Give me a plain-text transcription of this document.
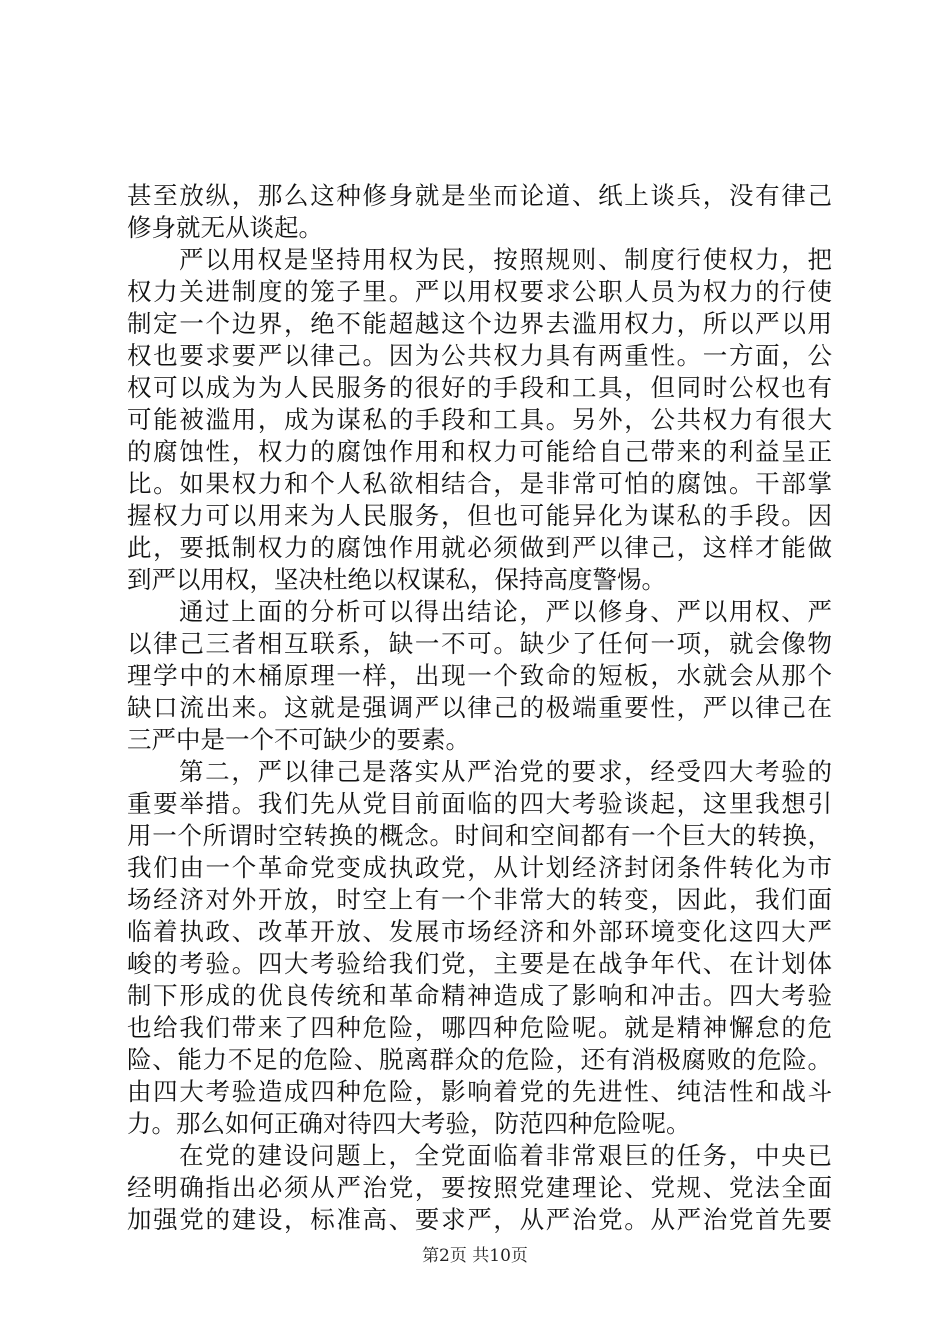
甚至放纵，那么这种修身就是坐而论道、纸上谈兵，没有律己
修身就无从谈起。
严以用权是坚持用权为民，按照规则、制度行使权力，把
权力关进制度的笼子里。严以用权要求公职人员为权力的行使
制定一个边界，绝不能超越这个边界去滥用权力，所以严以用
权也要求要严以律己。因为公共权力具有两重性。一方面，公
权可以成为为人民服务的很好的手段和工具，但同时公权也有
可能被滥用，成为谋私的手段和工具。另外，公共权力有很大
的腐蚀性，权力的腐蚀作用和权力可能给自己带来的利益呈正
比。如果权力和个人私欲相结合，是非常可怕的腐蚀。干部掌
握权力可以用来为人民服务，但也可能异化为谋私的手段。因
此，要抵制权力的腐蚀作用就必须做到严以律己，这样才能做
到严以用权，坚决杜绝以权谋私，保持高度警惕。
通过上面的分析可以得出结论，严以修身、严以用权、严
以律己三者相互联系，缺一不可。缺少了任何一项，就会像物
理学中的木桶原理一样，出现一个致命的短板，水就会从那个
缺口流出来。这就是强调严以律己的极端重要性，严以律己在
三严中是一个不可缺少的要素。
第二，严以律己是落实从严治党的要求，经受四大考验的
重要举措。我们先从党目前面临的四大考验谈起，这里我想引
用一个所谓时空转换的概念。时间和空间都有一个巨大的转换，
我们由一个革命党变成执政党，从计划经济封闭条件转化为市
场经济对外开放，时空上有一个非常大的转变，因此，我们面
临着执政、改革开放、发展市场经济和外部环境变化这四大严
峻的考验。四大考验给我们党，主要是在战争年代、在计划体
制下形成的优良传统和革命精神造成了影响和冲击。四大考验
也给我们带来了四种危险，哪四种危险呢。就是精神懈怠的危
险、能力不足的危险、脱离群众的危险，还有消极腐败的危险。
由四大考验造成四种危险，影响着党的先进性、纯洁性和战斗
力。那么如何正确对待四大考验，防范四种危险呢。
在党的建设问题上，全党面临着非常艰巨的任务，中央已
经明确指出必须从严治党，要按照党建理论、党规、党法全面
加强党的建设，标准高、要求严，从严治党。从严治党首先要
第2页 共10页
